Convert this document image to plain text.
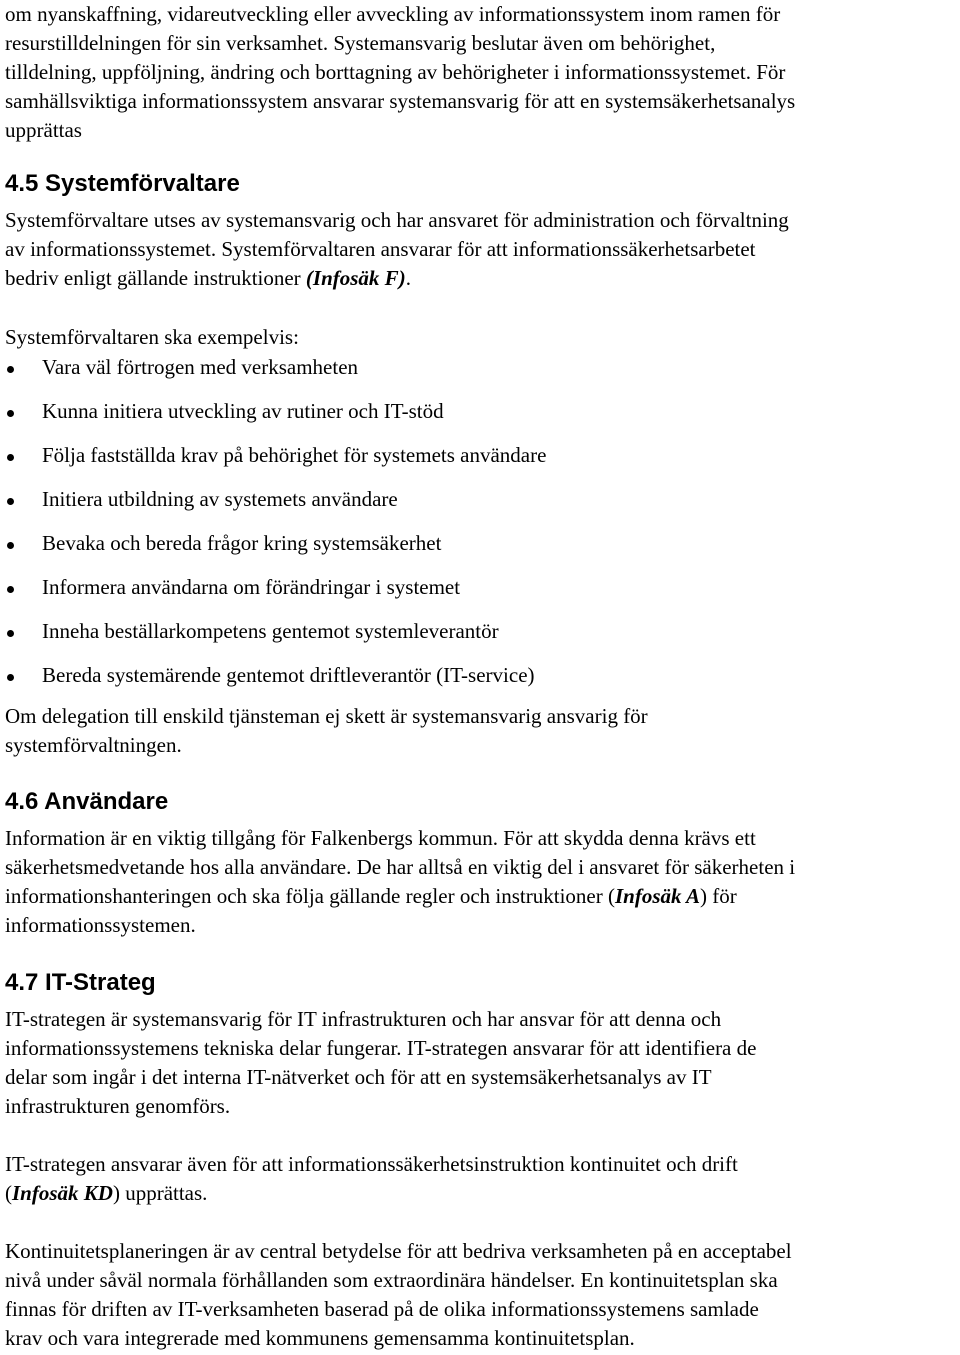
om nyanskaffning, vidareutveckling eller avveckling av informationssystem inom ramen för
resurstilldelningen för sin verksamhet. Systemansvarig beslutar även om behörighet,
tilldelning, uppföljning, ändring och borttagning av behörigheter i informationssystemet. För
samhällsviktiga informationssystem ansvarar systemansvarig för att en systemsäkerhetsanalys
upprättas
4.5 Systemförvaltare
Systemförvaltare utses av systemansvarig och har ansvaret för administration och förvaltning
av informationssystemet. Systemförvaltaren ansvarar för att informationssäkerhetsarbetet
bedriv enligt gällande instruktioner (Infosäk F).
Systemförvaltaren ska exempelvis:
Vara väl förtrogen med verksamheten
Kunna initiera utveckling av rutiner och IT-stöd
Följa fastställda krav på behörighet för systemets användare
Initiera utbildning av systemets användare
Bevaka och bereda frågor kring systemsäkerhet
Informera användarna om förändringar i systemet
Inneha beställarkompetens gentemot systemleverantör
Bereda systemärende gentemot driftleverantör (IT-service)
Om delegation till enskild tjänsteman ej skett är systemansvarig ansvarig för
systemförvaltningen.
4.6 Användare
Information är en viktig tillgång för Falkenbergs kommun. För att skydda denna krävs ett
säkerhetsmedvetande hos alla användare. De har alltså en viktig del i ansvaret för säkerheten i
informationshanteringen och ska följa gällande regler och instruktioner (Infosäk A) för
informationssystemen.
4.7 IT-Strateg
IT-strategen är systemansvarig för IT infrastrukturen och har ansvar för att denna och
informationssystemens tekniska delar fungerar. IT-strategen ansvarar för att identifiera de
delar som ingår i det interna IT-nätverket och för att en systemsäkerhetsanalys av IT
infrastrukturen genomförs.
IT-strategen ansvarar även för att informationssäkerhetsinstruktion kontinuitet och drift
(Infosäk KD) upprättas.
Kontinuitetsplaneringen är av central betydelse för att bedriva verksamheten på en acceptabel
nivå under såväl normala förhållanden som extraordinära händelser. En kontinuitetsplan ska
finnas för driften av IT-verksamheten baserad på de olika informationssystemens samlade
krav och vara integrerade med kommunens gemensamma kontinuitetsplan.
